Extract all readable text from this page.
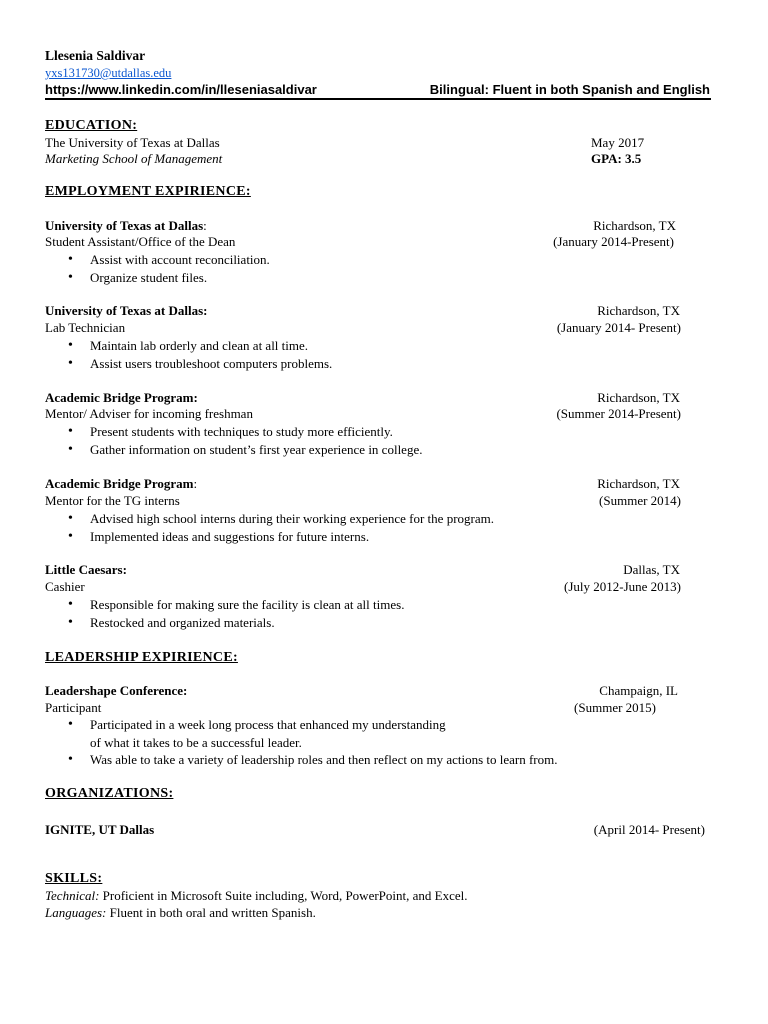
Llesenia Saldivar
yxs131730@utdallas.edu
https://www.linkedin.com/in/lleseniasaldivar	Bilingual: Fluent in both Spanish and English
EDUCATION:
The University of Texas at Dallas	May 2017
Marketing School of Management	GPA: 3.5
EMPLOYMENT EXPIRIENCE:
University of Texas at Dallas:	Richardson, TX
Student Assistant/Office of the Dean	(January 2014-Present)
• Assist with account reconciliation.
• Organize student files.
University of Texas at Dallas:	Richardson, TX
Lab Technician	(January 2014- Present)
• Maintain lab orderly and clean at all time.
• Assist users troubleshoot computers problems.
Academic Bridge Program:	Richardson, TX
Mentor/ Adviser for incoming freshman	(Summer 2014-Present)
• Present students with techniques to study more efficiently.
• Gather information on student’s first year experience in college.
Academic Bridge Program:	Richardson, TX
Mentor for the TG interns	(Summer 2014)
• Advised high school interns during their working experience for the program.
• Implemented ideas and suggestions for future interns.
Little Caesars:	Dallas, TX
Cashier	(July 2012-June 2013)
• Responsible for making sure the facility is clean at all times.
• Restocked and organized materials.
LEADERSHIP EXPIRIENCE:
Leadershape Conference:	Champaign, IL
Participant	(Summer 2015)
• Participated in a week long process that enhanced my understanding
of what it takes to be a successful leader.
• Was able to take a variety of leadership roles and then reflect on my actions to learn from.
ORGANIZATIONS:
IGNITE, UT Dallas	(April 2014- Present)
SKILLS:
Technical: Proficient in Microsoft Suite including, Word, PowerPoint, and Excel.
Languages: Fluent in both oral and written Spanish.
